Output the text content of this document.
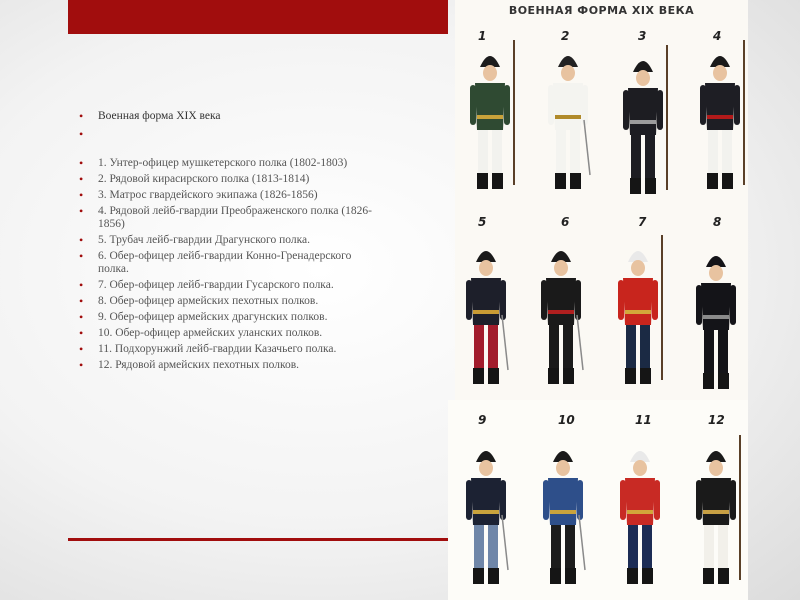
• Военная форма XIX века
•
• 1. Унтер-офицер мушкетерского полка (1802-1803)
• 2. Рядовой кирасирского полка (1813-1814)
• 3. Матрос гвардейского экипажа (1826-1856)
• 4. Рядовой лейб-гвардии Преображенского полка (1826-1856)
• 5. Трубач лейб-гвардии Драгунского полка.
• 6. Обер-офицер лейб-гвардии Конно-Гренадерского полка.
• 7. Обер-офицер лейб-гвардии Гусарского полка.
• 8. Обер-офицер армейских пехотных полков.
• 9. Обер-офицер армейских драгунских полков.
• 10. Обер-офицер армейских уланских полков.
• 11. Подхорунжий лейб-гвардии Казачьего полка.
• 12. Рядовой армейских пехотных полков.
ВОЕННАЯ ФОРМА XIX ВЕКА
1	2	3	4
5	6	7	8
9	10	11	12
